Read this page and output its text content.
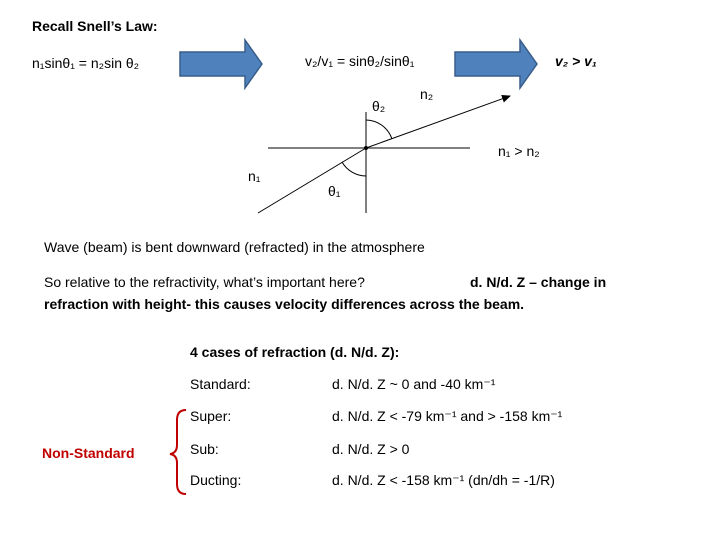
Recall Snell’s Law:
n₁sinθ₁ = n₂sin θ₂	v₂/v₁ = sinθ₂/sinθ₁	v₂ > v₁
θ₂
n₂
n₁ > n₂
n₁
θ₁
Wave (beam) is bent downward (refracted) in the atmosphere
So relative to the refractivity, what’s important here?	d. N/d. Z – change in
refraction with height- this causes velocity differences across the beam.
4 cases of refraction (d. N/d. Z):
Standard:	d. N/d. Z ~ 0 and -40 km⁻¹
Super:	d. N/d. Z < -79 km⁻¹ and > -158 km⁻¹
Sub:	d. N/d. Z > 0
Ducting:	d. N/d. Z < -158 km⁻¹ (dn/dh = -1/R)
Non-Standard
